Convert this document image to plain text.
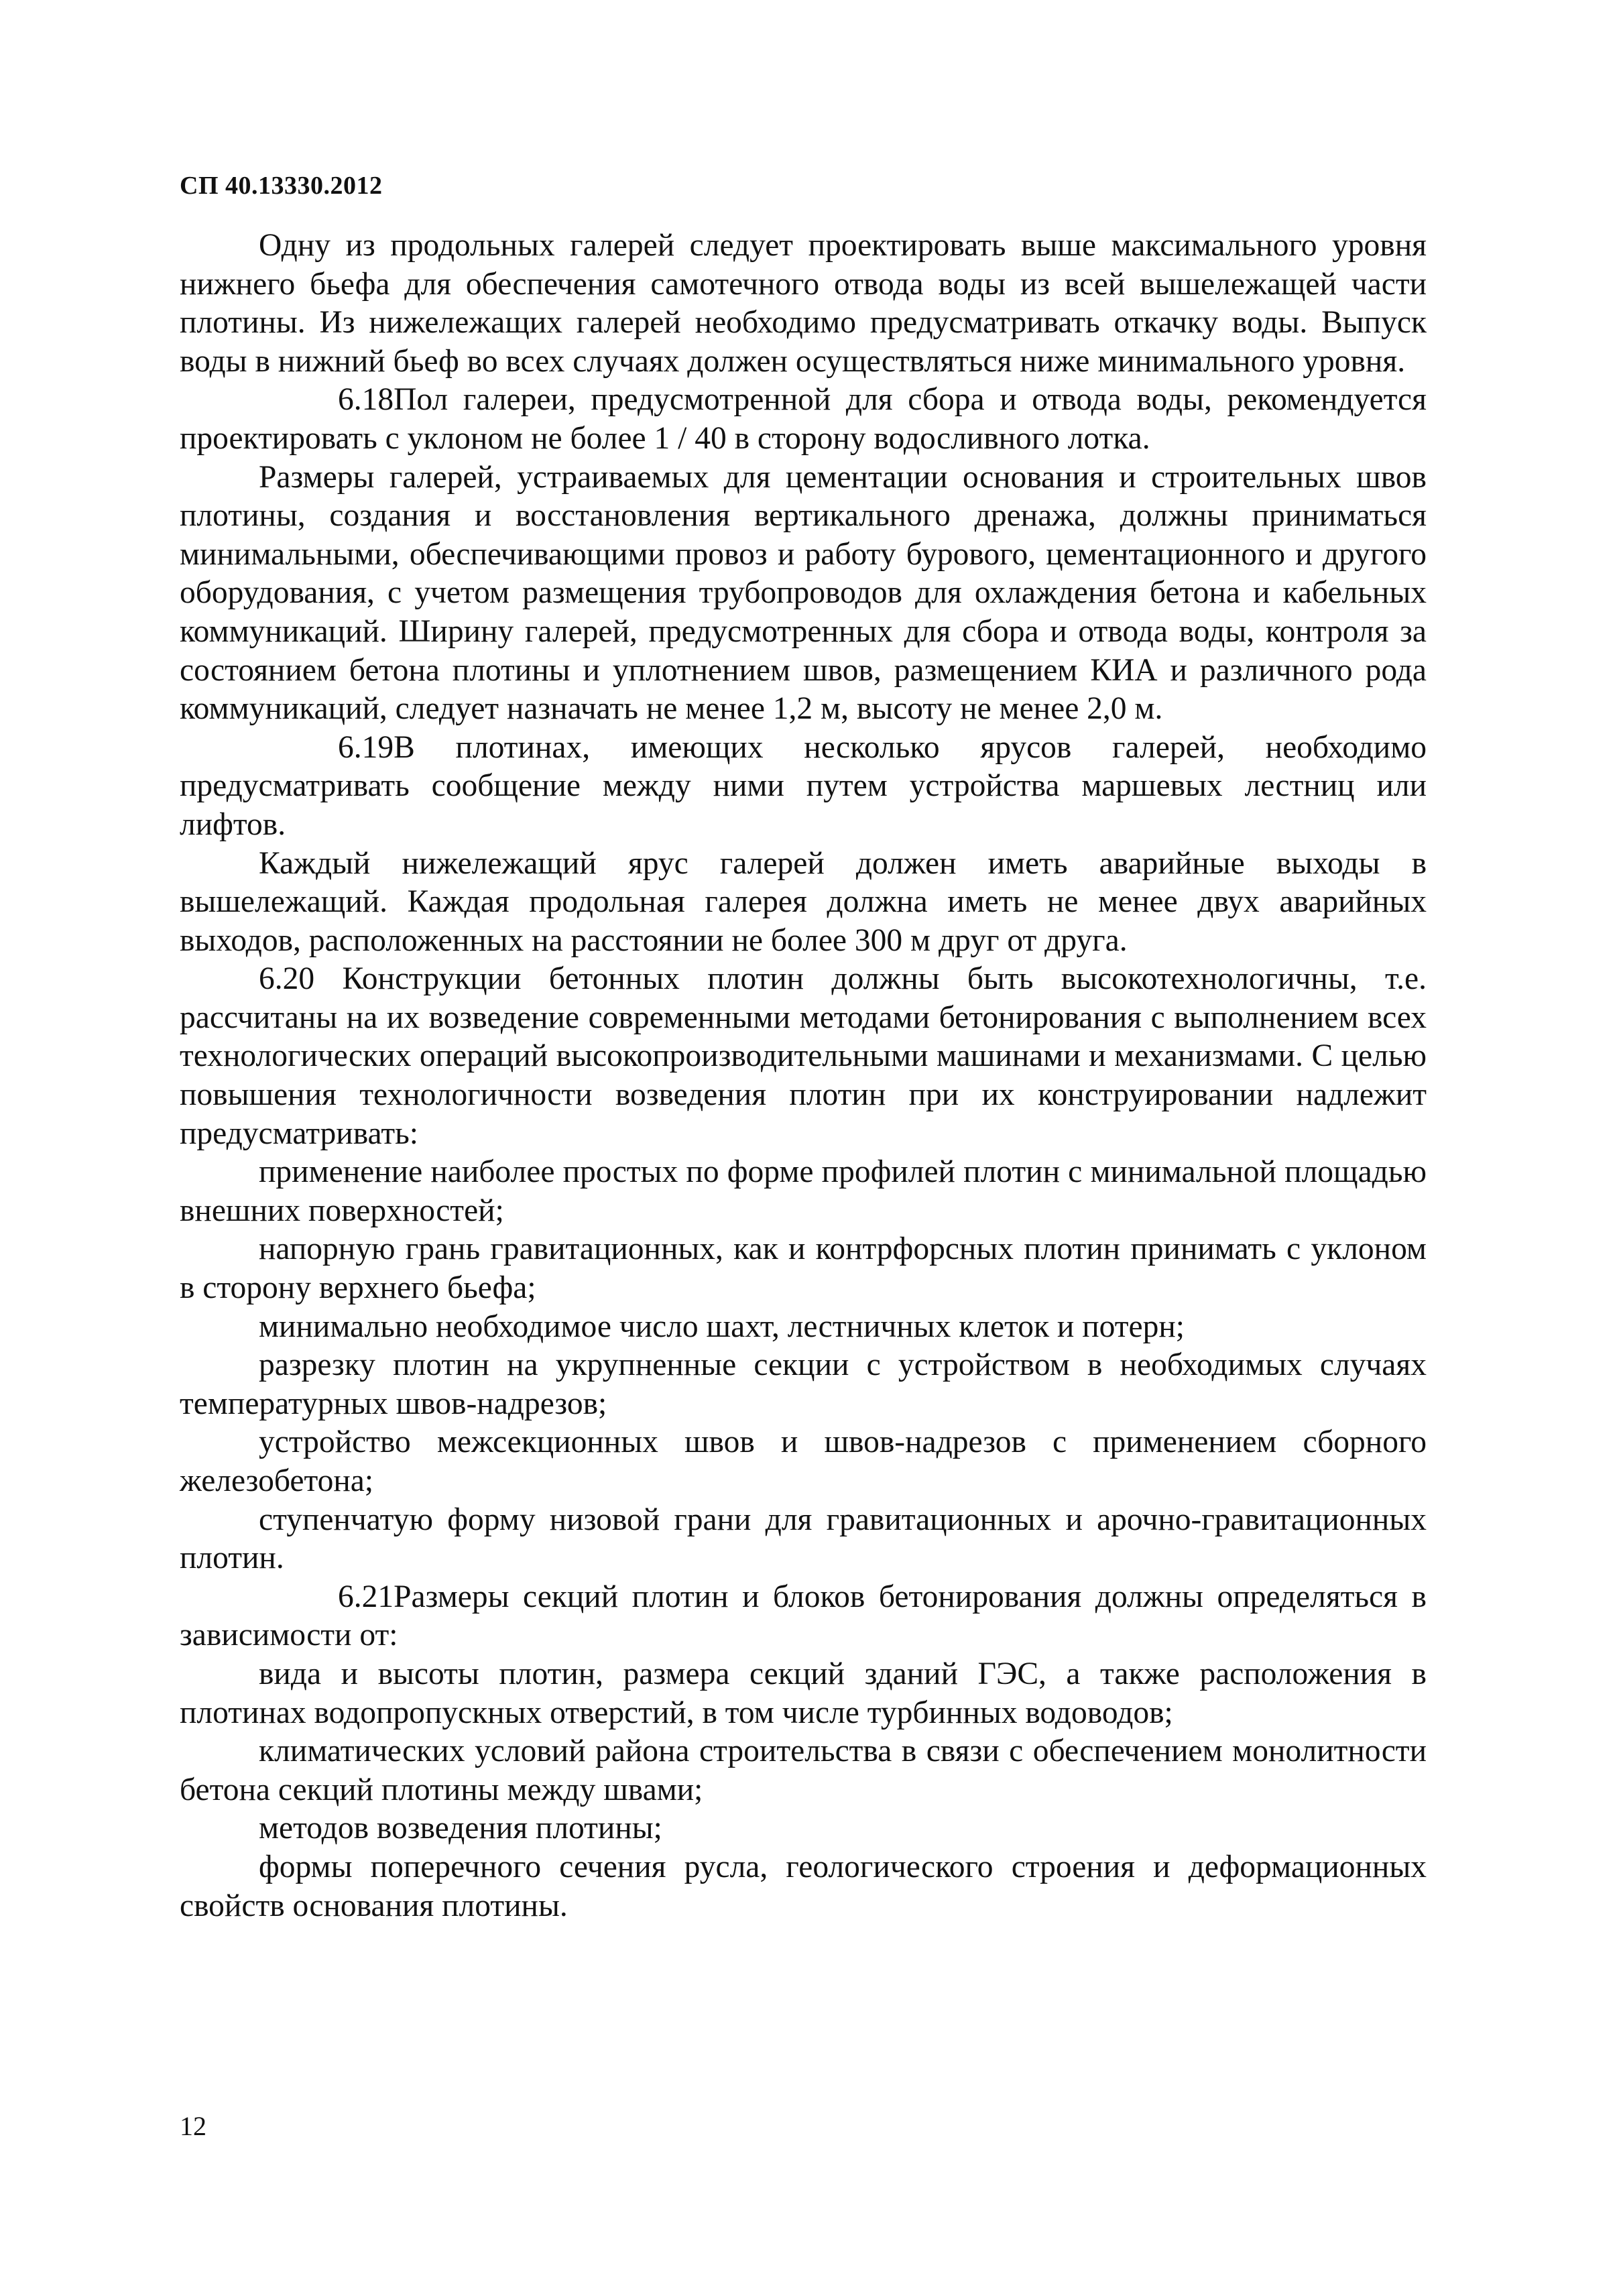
СП 40.13330.2012

Одну из продольных галерей следует проектировать выше максимального уровня нижнего бьефа для обеспечения самотечного отвода воды из всей вышележащей части плотины. Из нижележащих галерей необходимо предусматривать откачку воды. Выпуск воды в нижний бьеф во всех случаях должен осуществляться ниже минимального уровня.

6.18Пол галереи, предусмотренной для сбора и отвода воды, рекомендуется проектировать с уклоном не более 1 / 40 в сторону водосливного лотка.

Размеры галерей, устраиваемых для цементации основания и строительных швов плотины, создания и восстановления вертикального дренажа, должны приниматься минимальными, обеспечивающими провоз и работу бурового, цементационного и другого оборудования, с учетом размещения трубопроводов для охлаждения бетона и кабельных коммуникаций. Ширину галерей, предусмотренных для сбора и отвода воды, контроля за состоянием бетона плотины и уплотнением швов, размещением КИА и различного рода коммуникаций, следует назначать не менее 1,2 м, высоту не менее 2,0 м.

6.19В плотинах, имеющих несколько ярусов галерей, необходимо предусматривать сообщение между ними путем устройства маршевых лестниц или лифтов.

Каждый нижележащий ярус галерей должен иметь аварийные выходы в вышележащий. Каждая продольная галерея должна иметь не менее двух аварийных выходов, расположенных на расстоянии не более 300 м друг от друга.

6.20 Конструкции бетонных плотин должны быть высокотехнологичны, т.е. рассчитаны на их возведение современными методами бетонирования с выполнением всех технологических операций высокопроизводительными машинами и механизмами. С целью повышения технологичности возведения плотин при их конструировании надлежит предусматривать:

применение наиболее простых по форме профилей плотин с минимальной площадью внешних поверхностей;

напорную грань гравитационных, как и контрфорсных плотин принимать с уклоном в сторону верхнего бьефа;

минимально необходимое число шахт, лестничных клеток и потерн;

разрезку плотин на укрупненные секции с устройством в необходимых случаях температурных швов-надрезов;

устройство межсекционных швов и швов-надрезов с применением сборного железобетона;

ступенчатую форму низовой грани для гравитационных и арочно-гравитационных плотин.

6.21Размеры секций плотин и блоков бетонирования должны определяться в зависимости от:

вида и высоты плотин, размера секций зданий ГЭС, а также расположения в плотинах водопропускных отверстий, в том числе турбинных водоводов;

климатических условий района строительства в связи с обеспечением монолитности бетона секций плотины между швами;

методов возведения плотины;

формы поперечного сечения русла, геологического строения и деформационных свойств основания плотины.

12
